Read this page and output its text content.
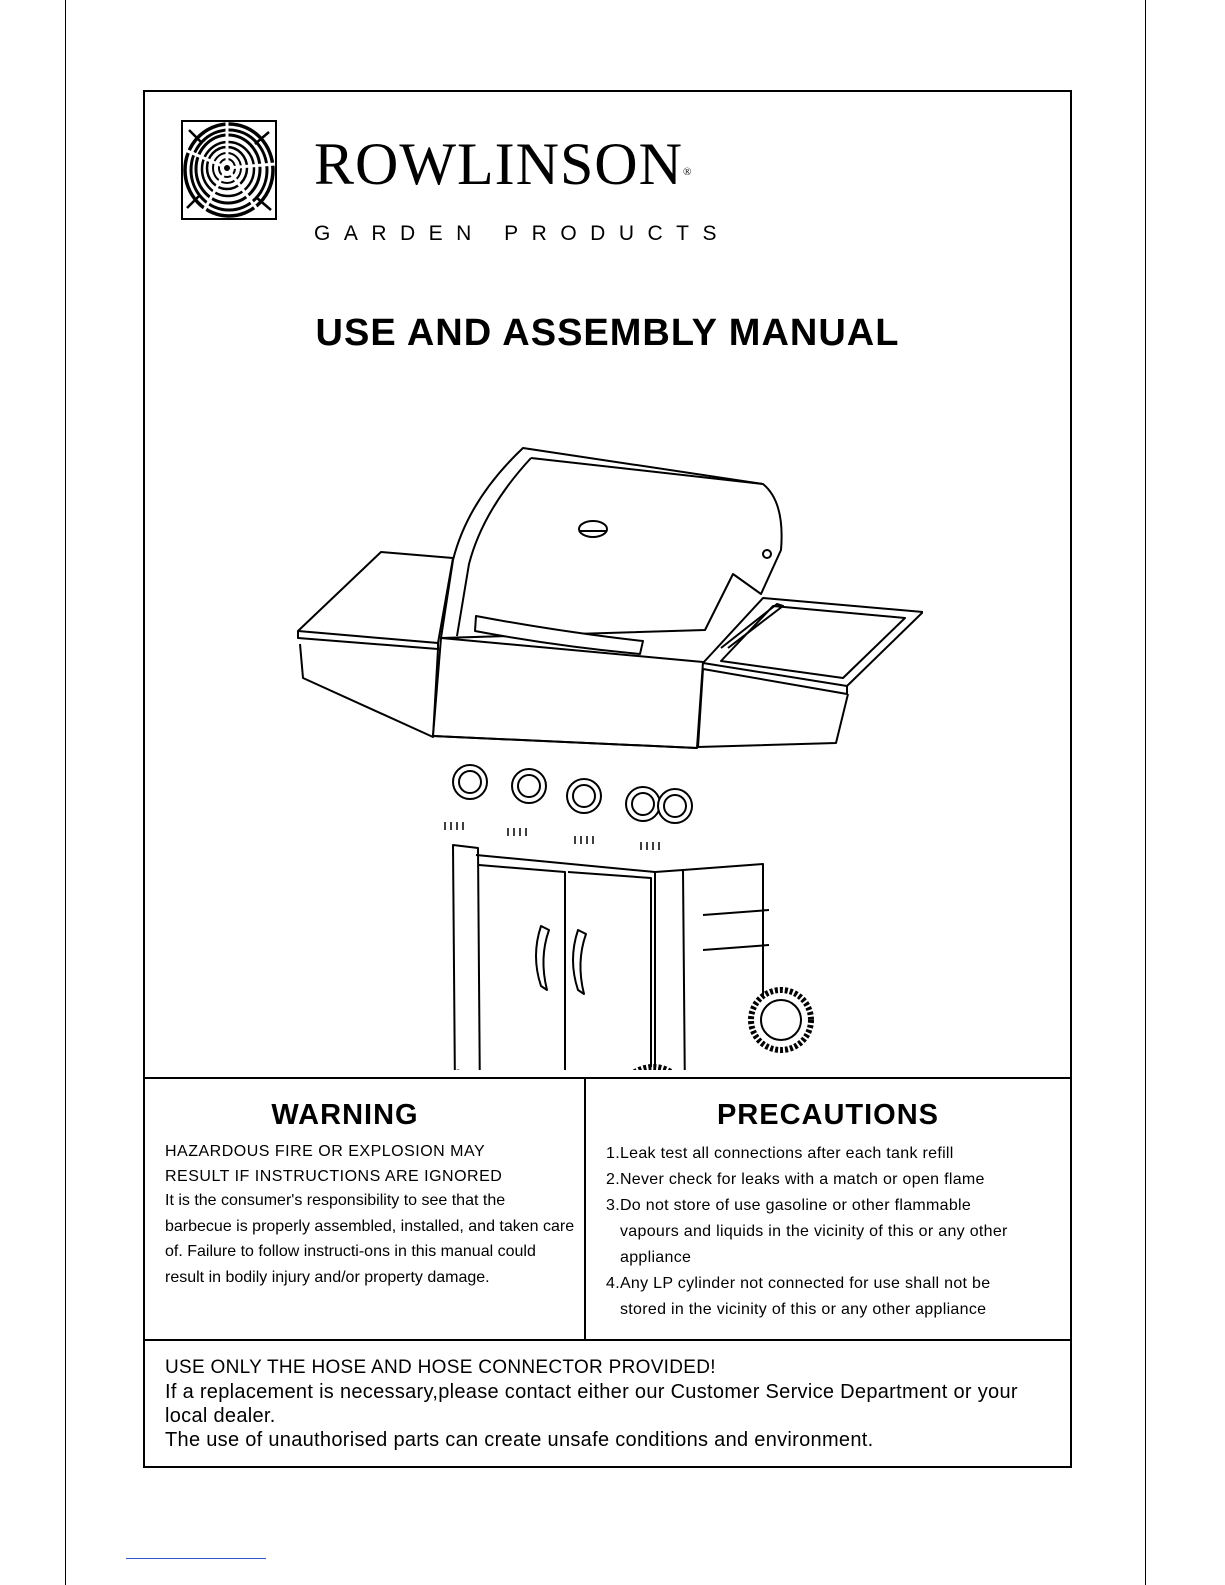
ROWLINSON®
GARDEN PRODUCTS
USE AND ASSEMBLY MANUAL
WARNING
HAZARDOUS FIRE OR EXPLOSION MAY
RESULT IF INSTRUCTIONS ARE IGNORED
It is the consumer's responsibility to see that the barbecue is properly assembled, installed, and taken care of. Failure to follow instructi-ons in this manual could result in bodily injury and/or property damage.
PRECAUTIONS
1.Leak test all connections after each tank refill
2.Never check for leaks with a match or open flame
3.Do not store of use gasoline or other flammable
vapours and liquids in the vicinity of this or any other appliance
4.Any LP cylinder not connected for use shall not be
stored in the vicinity of this or any other appliance
USE ONLY THE HOSE AND HOSE CONNECTOR PROVIDED!
If a replacement is necessary,please contact either our Customer Service Department or your local dealer.
The use of unauthorised parts can create unsafe conditions and environment.
